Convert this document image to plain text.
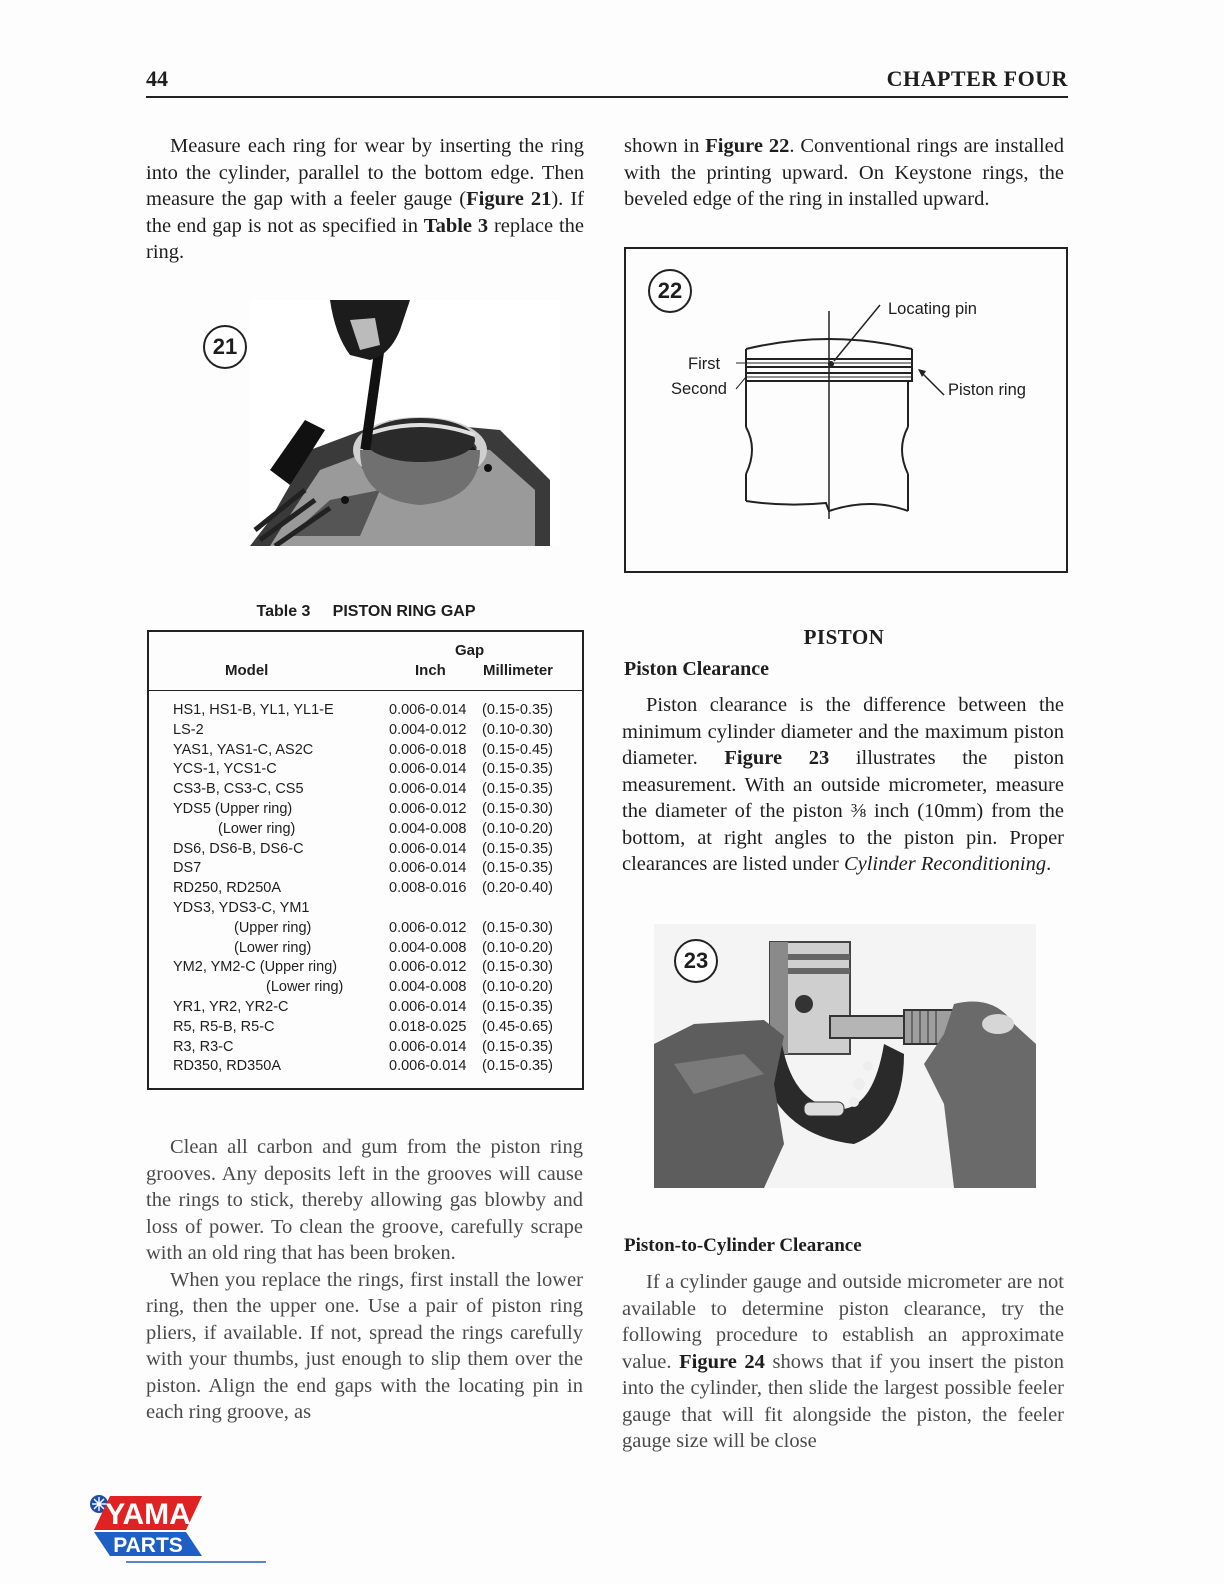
44	CHAPTER FOUR

Measure each ring for wear by inserting the ring into the cylinder, parallel to the bottom edge. Then measure the gap with a feeler gauge (Figure 21). If the end gap is not as specified in Table 3 replace the ring.

21
Table 3     PISTON RING GAP
Model
Gap
Inch Millimeter
HS1, HS1-B, YL1, YL1-E	0.006-0.014 (0.15-0.35)
LS-2	0.004-0.012 (0.10-0.30)
YAS1, YAS1-C, AS2C	0.006-0.018 (0.15-0.45)
YCS-1, YCS1-C	0.006-0.014 (0.15-0.35)
CS3-B, CS3-C, CS5	0.006-0.014 (0.15-0.35)
YDS5 (Upper ring)	0.006-0.012 (0.15-0.30)
(Lower ring)	0.004-0.008 (0.10-0.20)
DS6, DS6-B, DS6-C	0.006-0.014 (0.15-0.35)
DS7	0.006-0.014 (0.15-0.35)
RD250, RD250A	0.008-0.016 (0.20-0.40)
YDS3, YDS3-C, YM1
(Upper ring)	0.006-0.012 (0.15-0.30)
(Lower ring)	0.004-0.008 (0.10-0.20)
YM2, YM2-C (Upper ring)	0.006-0.012 (0.15-0.30)
(Lower ring)	0.004-0.008 (0.10-0.20)
YR1, YR2, YR2-C	0.006-0.014 (0.15-0.35)
R5, R5-B, R5-C	0.018-0.025 (0.45-0.65)
R3, R3-C	0.006-0.014 (0.15-0.35)
RD350, RD350A	0.006-0.014 (0.15-0.35)

Clean all carbon and gum from the piston ring grooves. Any deposits left in the grooves will cause the rings to stick, thereby allowing gas blowby and loss of power. To clean the groove, carefully scrape with an old ring that has been broken.

When you replace the rings, first install the lower ring, then the upper one. Use a pair of piston ring pliers, if available. If not, spread the rings carefully with your thumbs, just enough to slip them over the piston. Align the end gaps with the locating pin in each ring groove, as

shown in Figure 22. Conventional rings are installed with the printing upward. On Keystone rings, the beveled edge of the ring in installed upward.

22
Locating pin
First
Second	Piston ring
PISTON
Piston Clearance

Piston clearance is the difference between the minimum cylinder diameter and the maximum piston diameter. Figure 23 illustrates the piston measurement. With an outside micrometer, measure the diameter of the piston ⅜ inch (10mm) from the bottom, at right angles to the piston pin. Proper clearances are listed under Cylinder Reconditioning.

23
Piston-to-Cylinder Clearance

If a cylinder gauge and outside micrometer are not available to determine piston clearance, try the following procedure to establish an approximate value. Figure 24 shows that if you insert the piston into the cylinder, then slide the largest possible feeler gauge that will fit alongside the piston, the feeler gauge size will be close

YAMA
PARTS
